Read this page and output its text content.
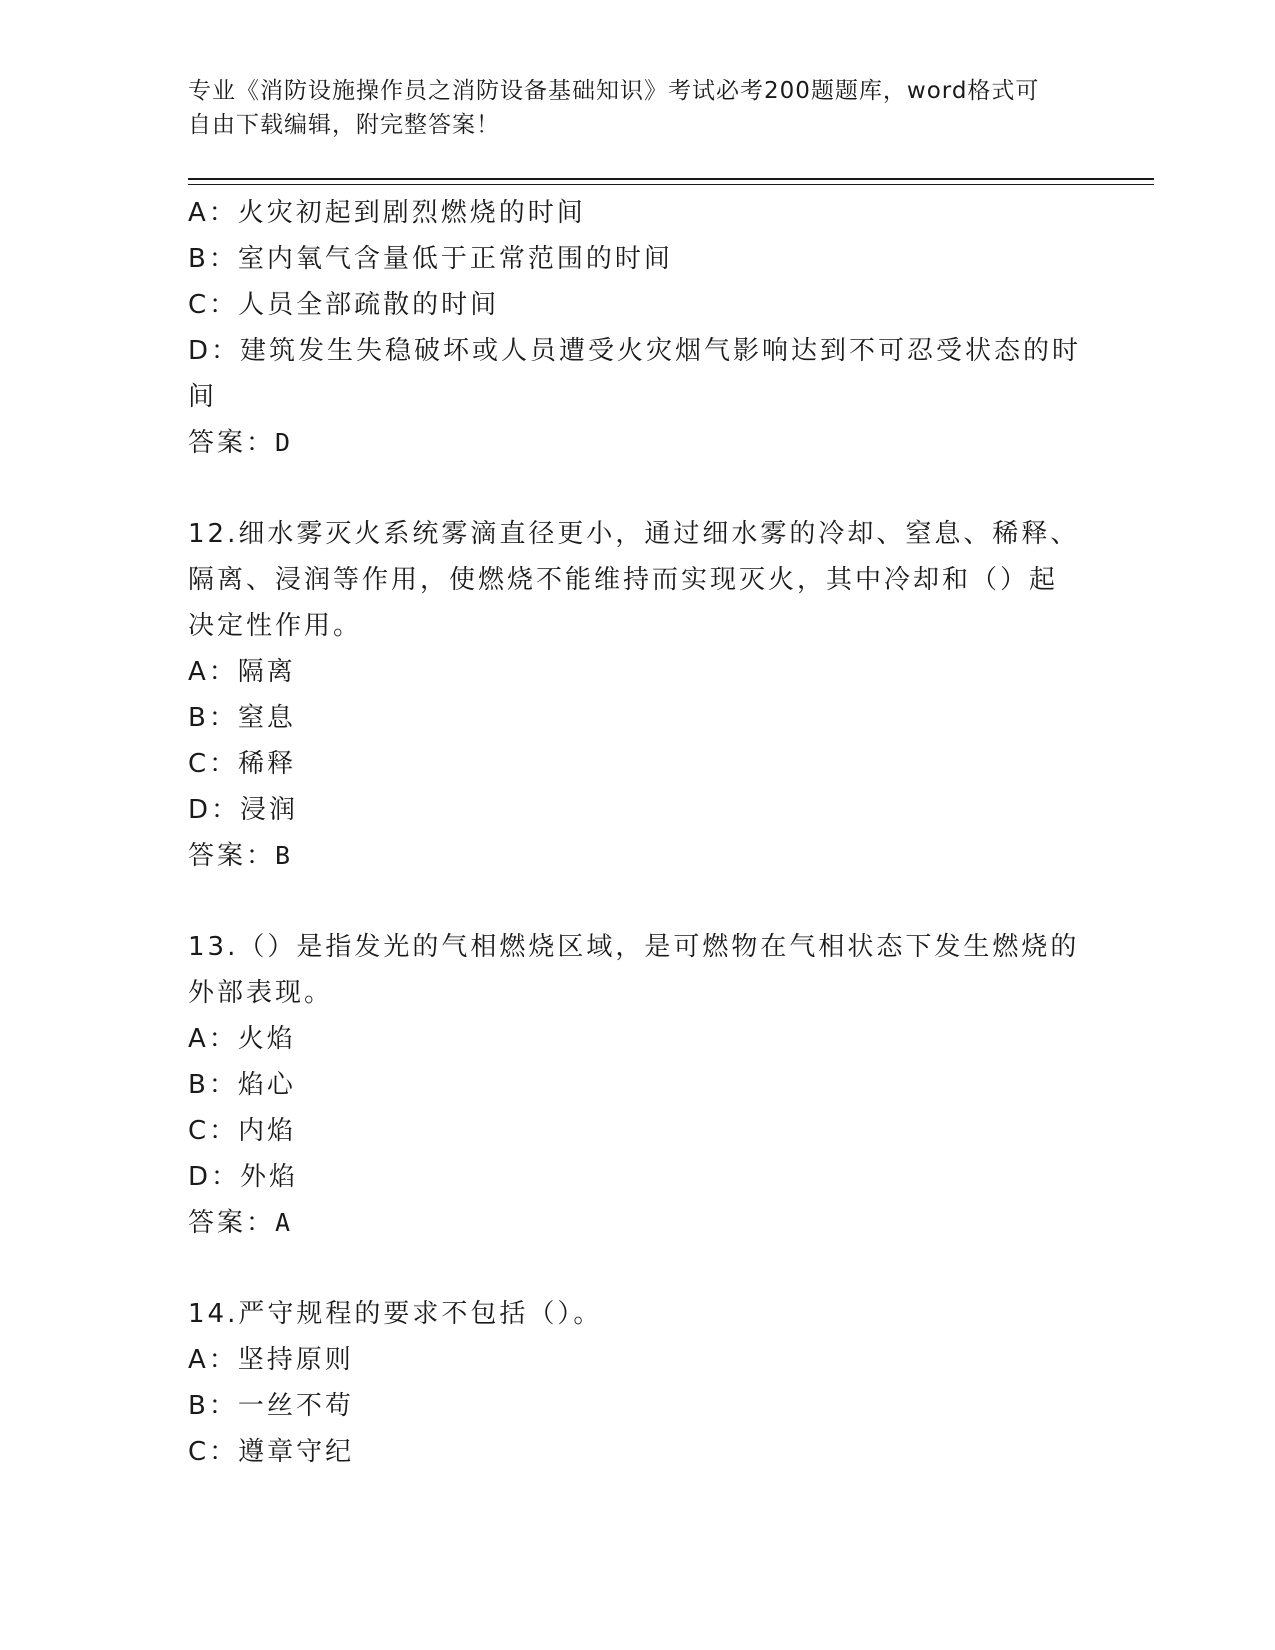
专业《消防设施操作员之消防设备基础知识》考试必考200题题库，word格式可
自由下载编辑，附完整答案！
A：火灾初起到剧烈燃烧的时间
B：室内氧气含量低于正常范围的时间
C：人员全部疏散的时间
D：建筑发生失稳破坏或人员遭受火灾烟气影响达到不可忍受状态的时
间
答案：D
12.细水雾灭火系统雾滴直径更小，通过细水雾的冷却、窒息、稀释、
隔离、浸润等作用，使燃烧不能维持而实现灭火，其中冷却和（）起
决定性作用。
A：隔离
B：窒息
C：稀释
D：浸润
答案：B
13.（）是指发光的气相燃烧区域，是可燃物在气相状态下发生燃烧的
外部表现。
A：火焰
B：焰心
C：内焰
D：外焰
答案：A
14.严守规程的要求不包括（）。
A：坚持原则
B：一丝不苟
C：遵章守纪
